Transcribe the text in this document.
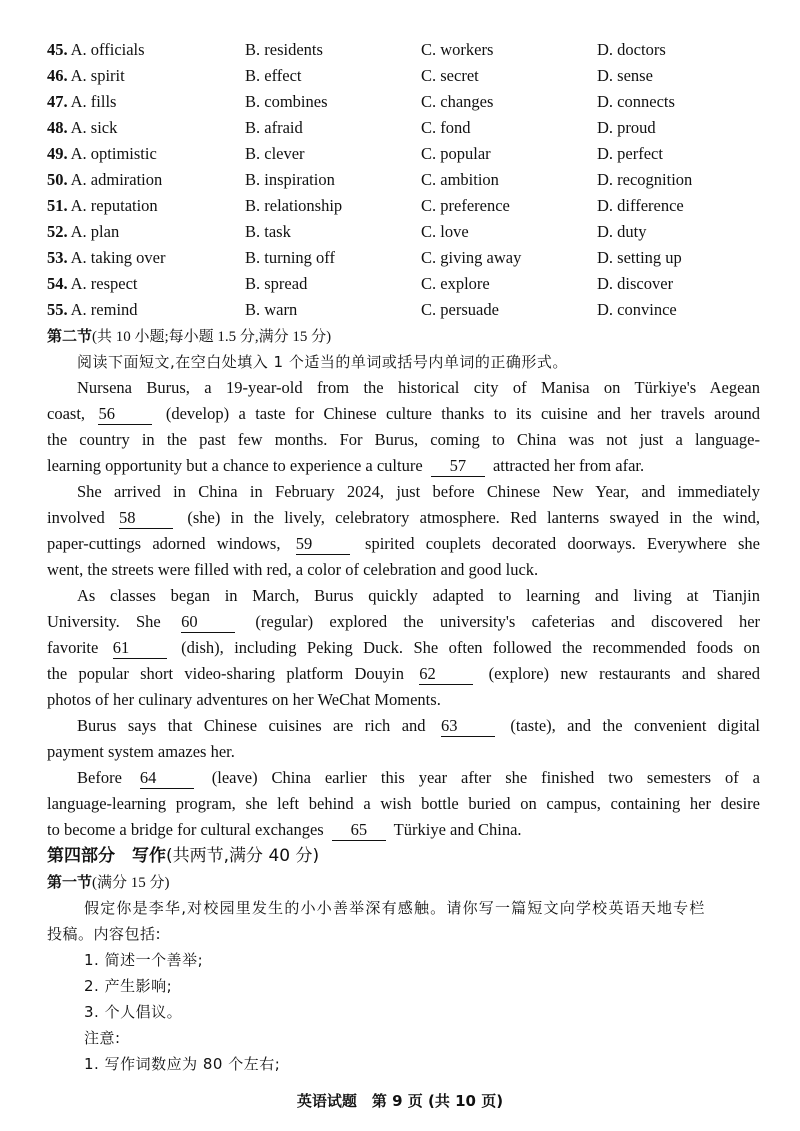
45. A. officials	B. residents	C. workers	D. doctors
46. A. spirit	B. effect	C. secret	D. sense
47. A. fills	B. combines	C. changes	D. connects
48. A. sick	B. afraid	C. fond	D. proud
49. A. optimistic	B. clever	C. popular	D. perfect
50. A. admiration	B. inspiration	C. ambition	D. recognition
51. A. reputation	B. relationship	C. preference	D. difference
52. A. plan	B. task	C. love	D. duty
53. A. taking over	B. turning off	C. giving away	D. setting up
54. A. respect	B. spread	C. explore	D. discover
55. A. remind	B. warn	C. persuade	D. convince
第二节(共 10 小题;每小题 1.5 分,满分 15 分)
阅读下面短文,在空白处填入 1 个适当的单词或括号内单词的正确形式。
Nursena Burus, a 19-year-old from the historical city of Manisa on Türkiye's Aegean
coast, 56	(develop) a taste for Chinese culture thanks to its cuisine and her travels around
the country in the past few months. For Burus, coming to China was not just a language-
learning opportunity but a chance to experience a culture 57 attracted her from afar.
She arrived in China in February 2024, just before Chinese New Year, and immediately
involved 58	(she) in the lively, celebratory atmosphere. Red lanterns swayed in the wind,
paper-cuttings adorned windows, 59	spirited couplets decorated doorways. Everywhere she
went, the streets were filled with red, a color of celebration and good luck.
As classes began in March, Burus quickly adapted to learning and living at Tianjin
University. She 60	(regular) explored the university's cafeterias and discovered her
favorite 61	(dish), including Peking Duck. She often followed the recommended foods on
the popular short video-sharing platform Douyin 62	(explore) new restaurants and shared
photos of her culinary adventures on her WeChat Moments.
Burus says that Chinese cuisines are rich and 63	(taste), and the convenient digital
payment system amazes her.
Before 64	(leave) China earlier this year after she finished two semesters of a
language-learning program, she left behind a wish bottle buried on campus, containing her desire
to become a bridge for cultural exchanges 65 Türkiye and China.
第四部分　写作(共两节,满分 40 分)
第一节(满分 15 分)
假定你是李华,对校园里发生的小小善举深有感触。请你写一篇短文向学校英语天地专栏
投稿。内容包括:
1. 简述一个善举;
2. 产生影响;
3. 个人倡议。
注意:
1. 写作词数应为 80 个左右;
英语试题　第 9 页 (共 10 页)
